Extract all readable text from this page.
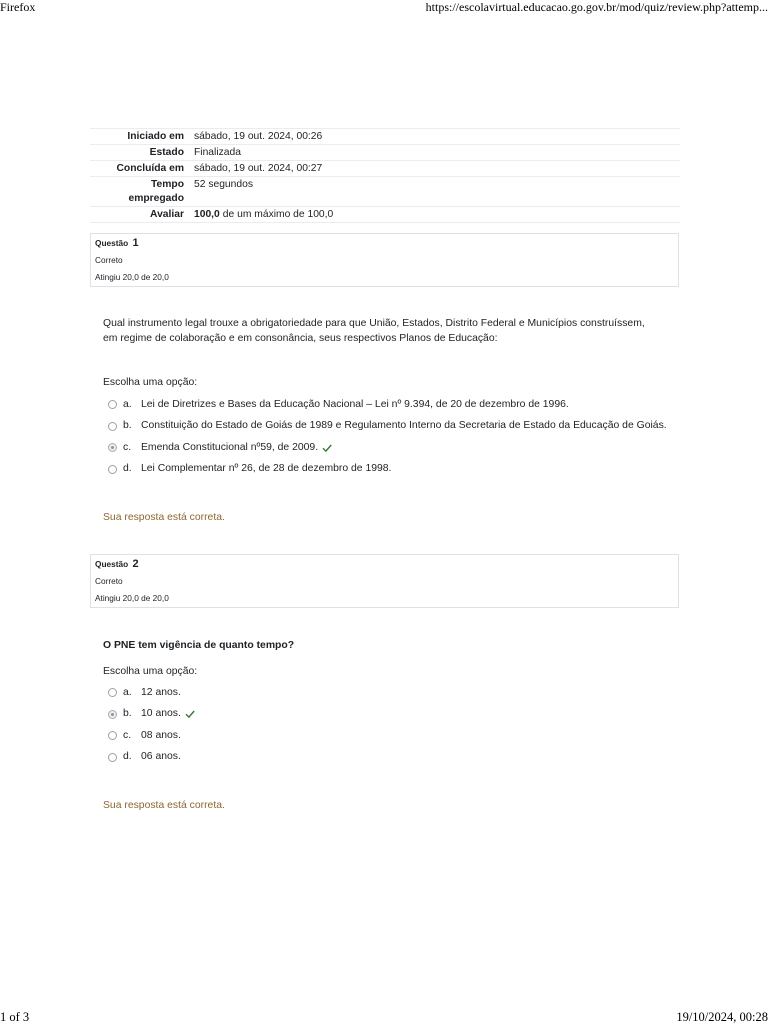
Firefox	https://escolavirtual.educacao.go.gov.br/mod/quiz/review.php?attemp...
Iniciado em sábado, 19 out. 2024, 00:26
Estado Finalizada
Concluída em sábado, 19 out. 2024, 00:27
Tempo empregado
52 segundos
Avaliar 100,0 de um máximo de 100,0
Questão 1
Correto
Atingiu 20,0 de 20,0
Qual instrumento legal trouxe a obrigatoriedade para que União, Estados, Distrito Federal e Municípios construíssem, em regime de colaboração e em consonância, seus respectivos Planos de Educação:
Escolha uma opção:
a. Lei de Diretrizes e Bases da Educação Nacional – Lei nº 9.394, de 20 de dezembro de 1996.
b. Constituição do Estado de Goiás de 1989 e Regulamento Interno da Secretaria de Estado da Educação de Goiás.
c. Emenda Constitucional nº59, de 2009.
d. Lei Complementar nº 26, de 28 de dezembro de 1998.
Sua resposta está correta.
Questão 2
Correto
Atingiu 20,0 de 20,0
O PNE tem vigência de quanto tempo?
Escolha uma opção:
a. 12 anos.
b. 10 anos.
c. 08 anos.
d. 06 anos.
Sua resposta está correta.
1 of 3	19/10/2024, 00:28
